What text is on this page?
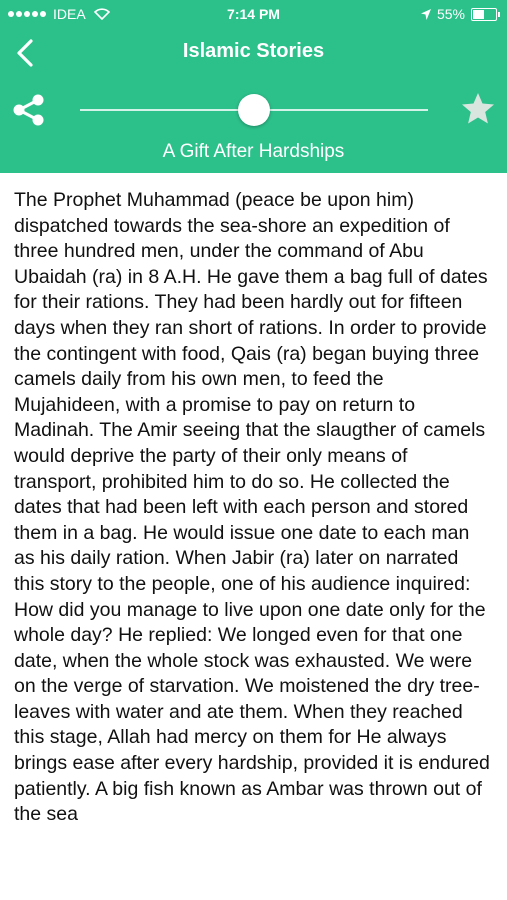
IDEA	7:14 PM	55%
Islamic Stories
A Gift After Hardships
The Prophet Muhammad (peace be upon him) dispatched towards the sea-shore an expedition of three hundred men, under the command of Abu Ubaidah (ra) in 8 A.H. He gave them a bag full of dates for their rations. They had been hardly out for fifteen days when they ran short of rations. In order to provide the contingent with food, Qais (ra) began buying three camels daily from his own men, to feed the Mujahideen, with a promise to pay on return to Madinah. The Amir seeing that the slaugther of camels would deprive the party of their only means of transport, prohibited him to do so. He collected the dates that had been left with each person and stored them in a bag. He would issue one date to each man as his daily ration. When Jabir (ra) later on narrated this story to the people, one of his audience inquired: How did you manage to live upon one date only for the whole day? He replied: We longed even for that one date, when the whole stock was exhausted. We were on the verge of starvation. We moistened the dry tree-leaves with water and ate them. When they reached this stage, Allah had mercy on them for He always brings ease after every hardship, provided it is endured patiently. A big fish known as Ambar was thrown out of the sea
